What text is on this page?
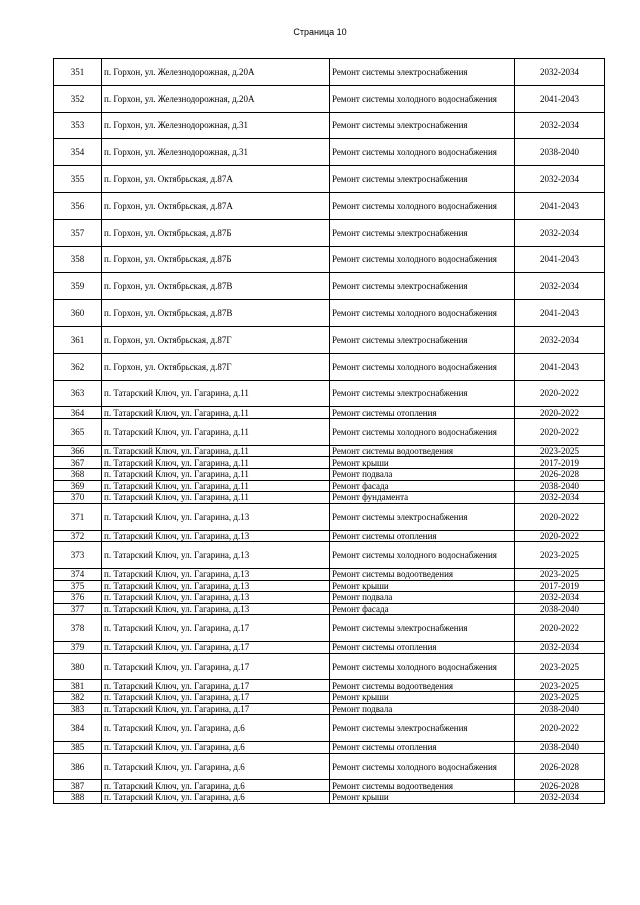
Страница 10
351	п. Горхон, ул. Железнодорожная, д.20А	Ремонт системы электроснабжения	2032-2034
352	п. Горхон, ул. Железнодорожная, д.20А	Ремонт системы холодного водоснабжения	2041-2043
353	п. Горхон, ул. Железнодорожная, д.31	Ремонт системы электроснабжения	2032-2034
354	п. Горхон, ул. Железнодорожная, д.31	Ремонт системы холодного водоснабжения	2038-2040
355	п. Горхон, ул. Октябрьская, д.87А	Ремонт системы электроснабжения	2032-2034
356	п. Горхон, ул. Октябрьская, д.87А	Ремонт системы холодного водоснабжения	2041-2043
357	п. Горхон, ул. Октябрьская, д.87Б	Ремонт системы электроснабжения	2032-2034
358	п. Горхон, ул. Октябрьская, д.87Б	Ремонт системы холодного водоснабжения	2041-2043
359	п. Горхон, ул. Октябрьская, д.87В	Ремонт системы электроснабжения	2032-2034
360	п. Горхон, ул. Октябрьская, д.87В	Ремонт системы холодного водоснабжения	2041-2043
361	п. Горхон, ул. Октябрьская, д.87Г	Ремонт системы электроснабжения	2032-2034
362	п. Горхон, ул. Октябрьская, д.87Г	Ремонт системы холодного водоснабжения	2041-2043
363	п. Татарский Ключ, ул. Гагарина, д.11	Ремонт системы электроснабжения	2020-2022
364	п. Татарский Ключ, ул. Гагарина, д.11	Ремонт системы отопления	2020-2022
365	п. Татарский Ключ, ул. Гагарина, д.11	Ремонт системы холодного водоснабжения	2020-2022
366	п. Татарский Ключ, ул. Гагарина, д.11	Ремонт системы водоотведения	2023-2025
367	п. Татарский Ключ, ул. Гагарина, д.11	Ремонт крыши	2017-2019
368	п. Татарский Ключ, ул. Гагарина, д.11	Ремонт подвала	2026-2028
369	п. Татарский Ключ, ул. Гагарина, д.11	Ремонт фасада	2038-2040
370	п. Татарский Ключ, ул. Гагарина, д.11	Ремонт фундамента	2032-2034
371	п. Татарский Ключ, ул. Гагарина, д.13	Ремонт системы электроснабжения	2020-2022
372	п. Татарский Ключ, ул. Гагарина, д.13	Ремонт системы отопления	2020-2022
373	п. Татарский Ключ, ул. Гагарина, д.13	Ремонт системы холодного водоснабжения	2023-2025
374	п. Татарский Ключ, ул. Гагарина, д.13	Ремонт системы водоотведения	2023-2025
375	п. Татарский Ключ, ул. Гагарина, д.13	Ремонт крыши	2017-2019
376	п. Татарский Ключ, ул. Гагарина, д.13	Ремонт подвала	2032-2034
377	п. Татарский Ключ, ул. Гагарина, д.13	Ремонт фасада	2038-2040
378	п. Татарский Ключ, ул. Гагарина, д.17	Ремонт системы электроснабжения	2020-2022
379	п. Татарский Ключ, ул. Гагарина, д.17	Ремонт системы отопления	2032-2034
380	п. Татарский Ключ, ул. Гагарина, д.17	Ремонт системы холодного водоснабжения	2023-2025
381	п. Татарский Ключ, ул. Гагарина, д.17	Ремонт системы водоотведения	2023-2025
382	п. Татарский Ключ, ул. Гагарина, д.17	Ремонт крыши	2023-2025
383	п. Татарский Ключ, ул. Гагарина, д.17	Ремонт подвала	2038-2040
384	п. Татарский Ключ, ул. Гагарина, д.6	Ремонт системы электроснабжения	2020-2022
385	п. Татарский Ключ, ул. Гагарина, д.6	Ремонт системы отопления	2038-2040
386	п. Татарский Ключ, ул. Гагарина, д.6	Ремонт системы холодного водоснабжения	2026-2028
387	п. Татарский Ключ, ул. Гагарина, д.6	Ремонт системы водоотведения	2026-2028
388	п. Татарский Ключ, ул. Гагарина, д.6	Ремонт крыши	2032-2034
